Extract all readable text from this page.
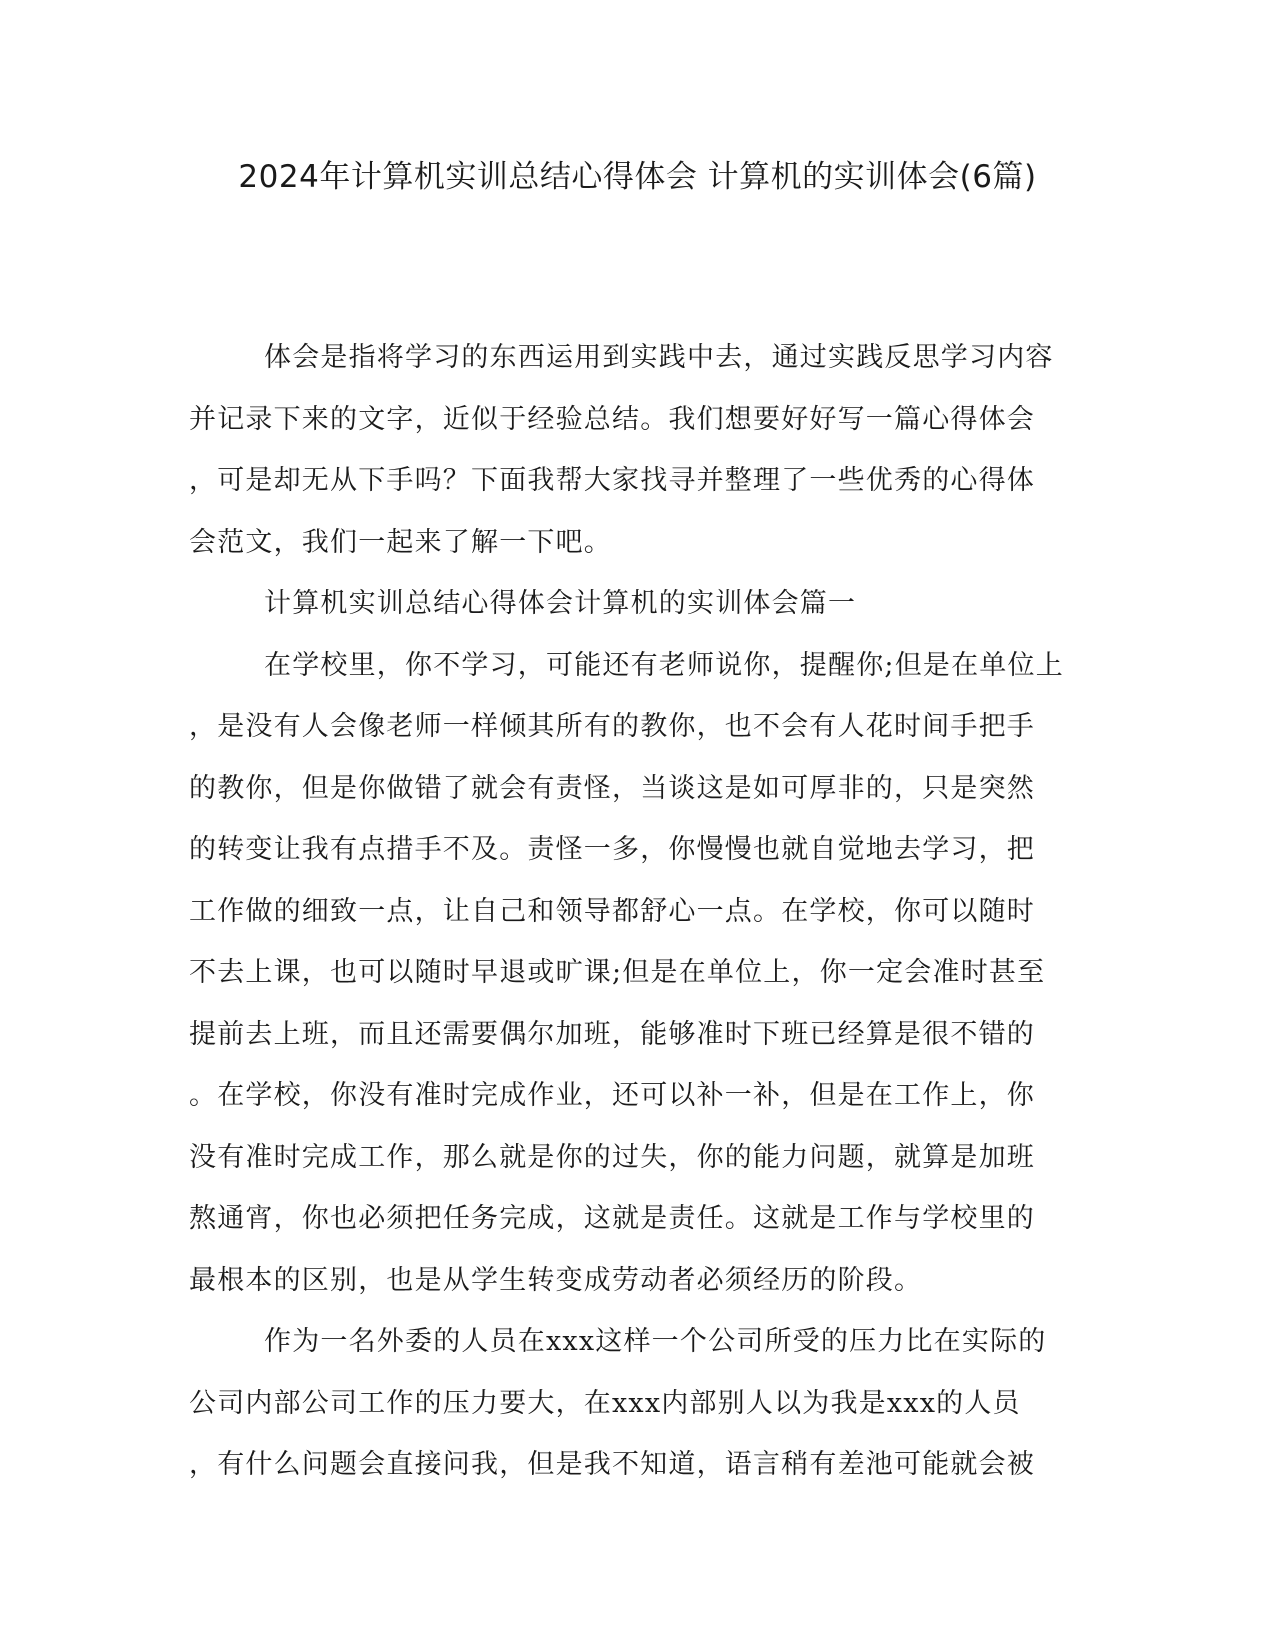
2024年计算机实训总结心得体会 计算机的实训体会(6篇)
体会是指将学习的东西运用到实践中去，通过实践反思学习内容
并记录下来的文字，近似于经验总结。我们想要好好写一篇心得体会
，可是却无从下手吗？下面我帮大家找寻并整理了一些优秀的心得体
会范文，我们一起来了解一下吧。
计算机实训总结心得体会计算机的实训体会篇一
在学校里，你不学习，可能还有老师说你，提醒你;但是在单位上
，是没有人会像老师一样倾其所有的教你，也不会有人花时间手把手
的教你，但是你做错了就会有责怪，当谈这是如可厚非的，只是突然
的转变让我有点措手不及。责怪一多，你慢慢也就自觉地去学习，把
工作做的细致一点，让自己和领导都舒心一点。在学校，你可以随时
不去上课，也可以随时早退或旷课;但是在单位上，你一定会准时甚至
提前去上班，而且还需要偶尔加班，能够准时下班已经算是很不错的
。在学校，你没有准时完成作业，还可以补一补，但是在工作上，你
没有准时完成工作，那么就是你的过失，你的能力问题，就算是加班
熬通宵，你也必须把任务完成，这就是责任。这就是工作与学校里的
最根本的区别，也是从学生转变成劳动者必须经历的阶段。
作为一名外委的人员在xxx这样一个公司所受的压力比在实际的
公司内部公司工作的压力要大，在xxx内部别人以为我是xxx的人员
，有什么问题会直接问我，但是我不知道，语言稍有差池可能就会被
